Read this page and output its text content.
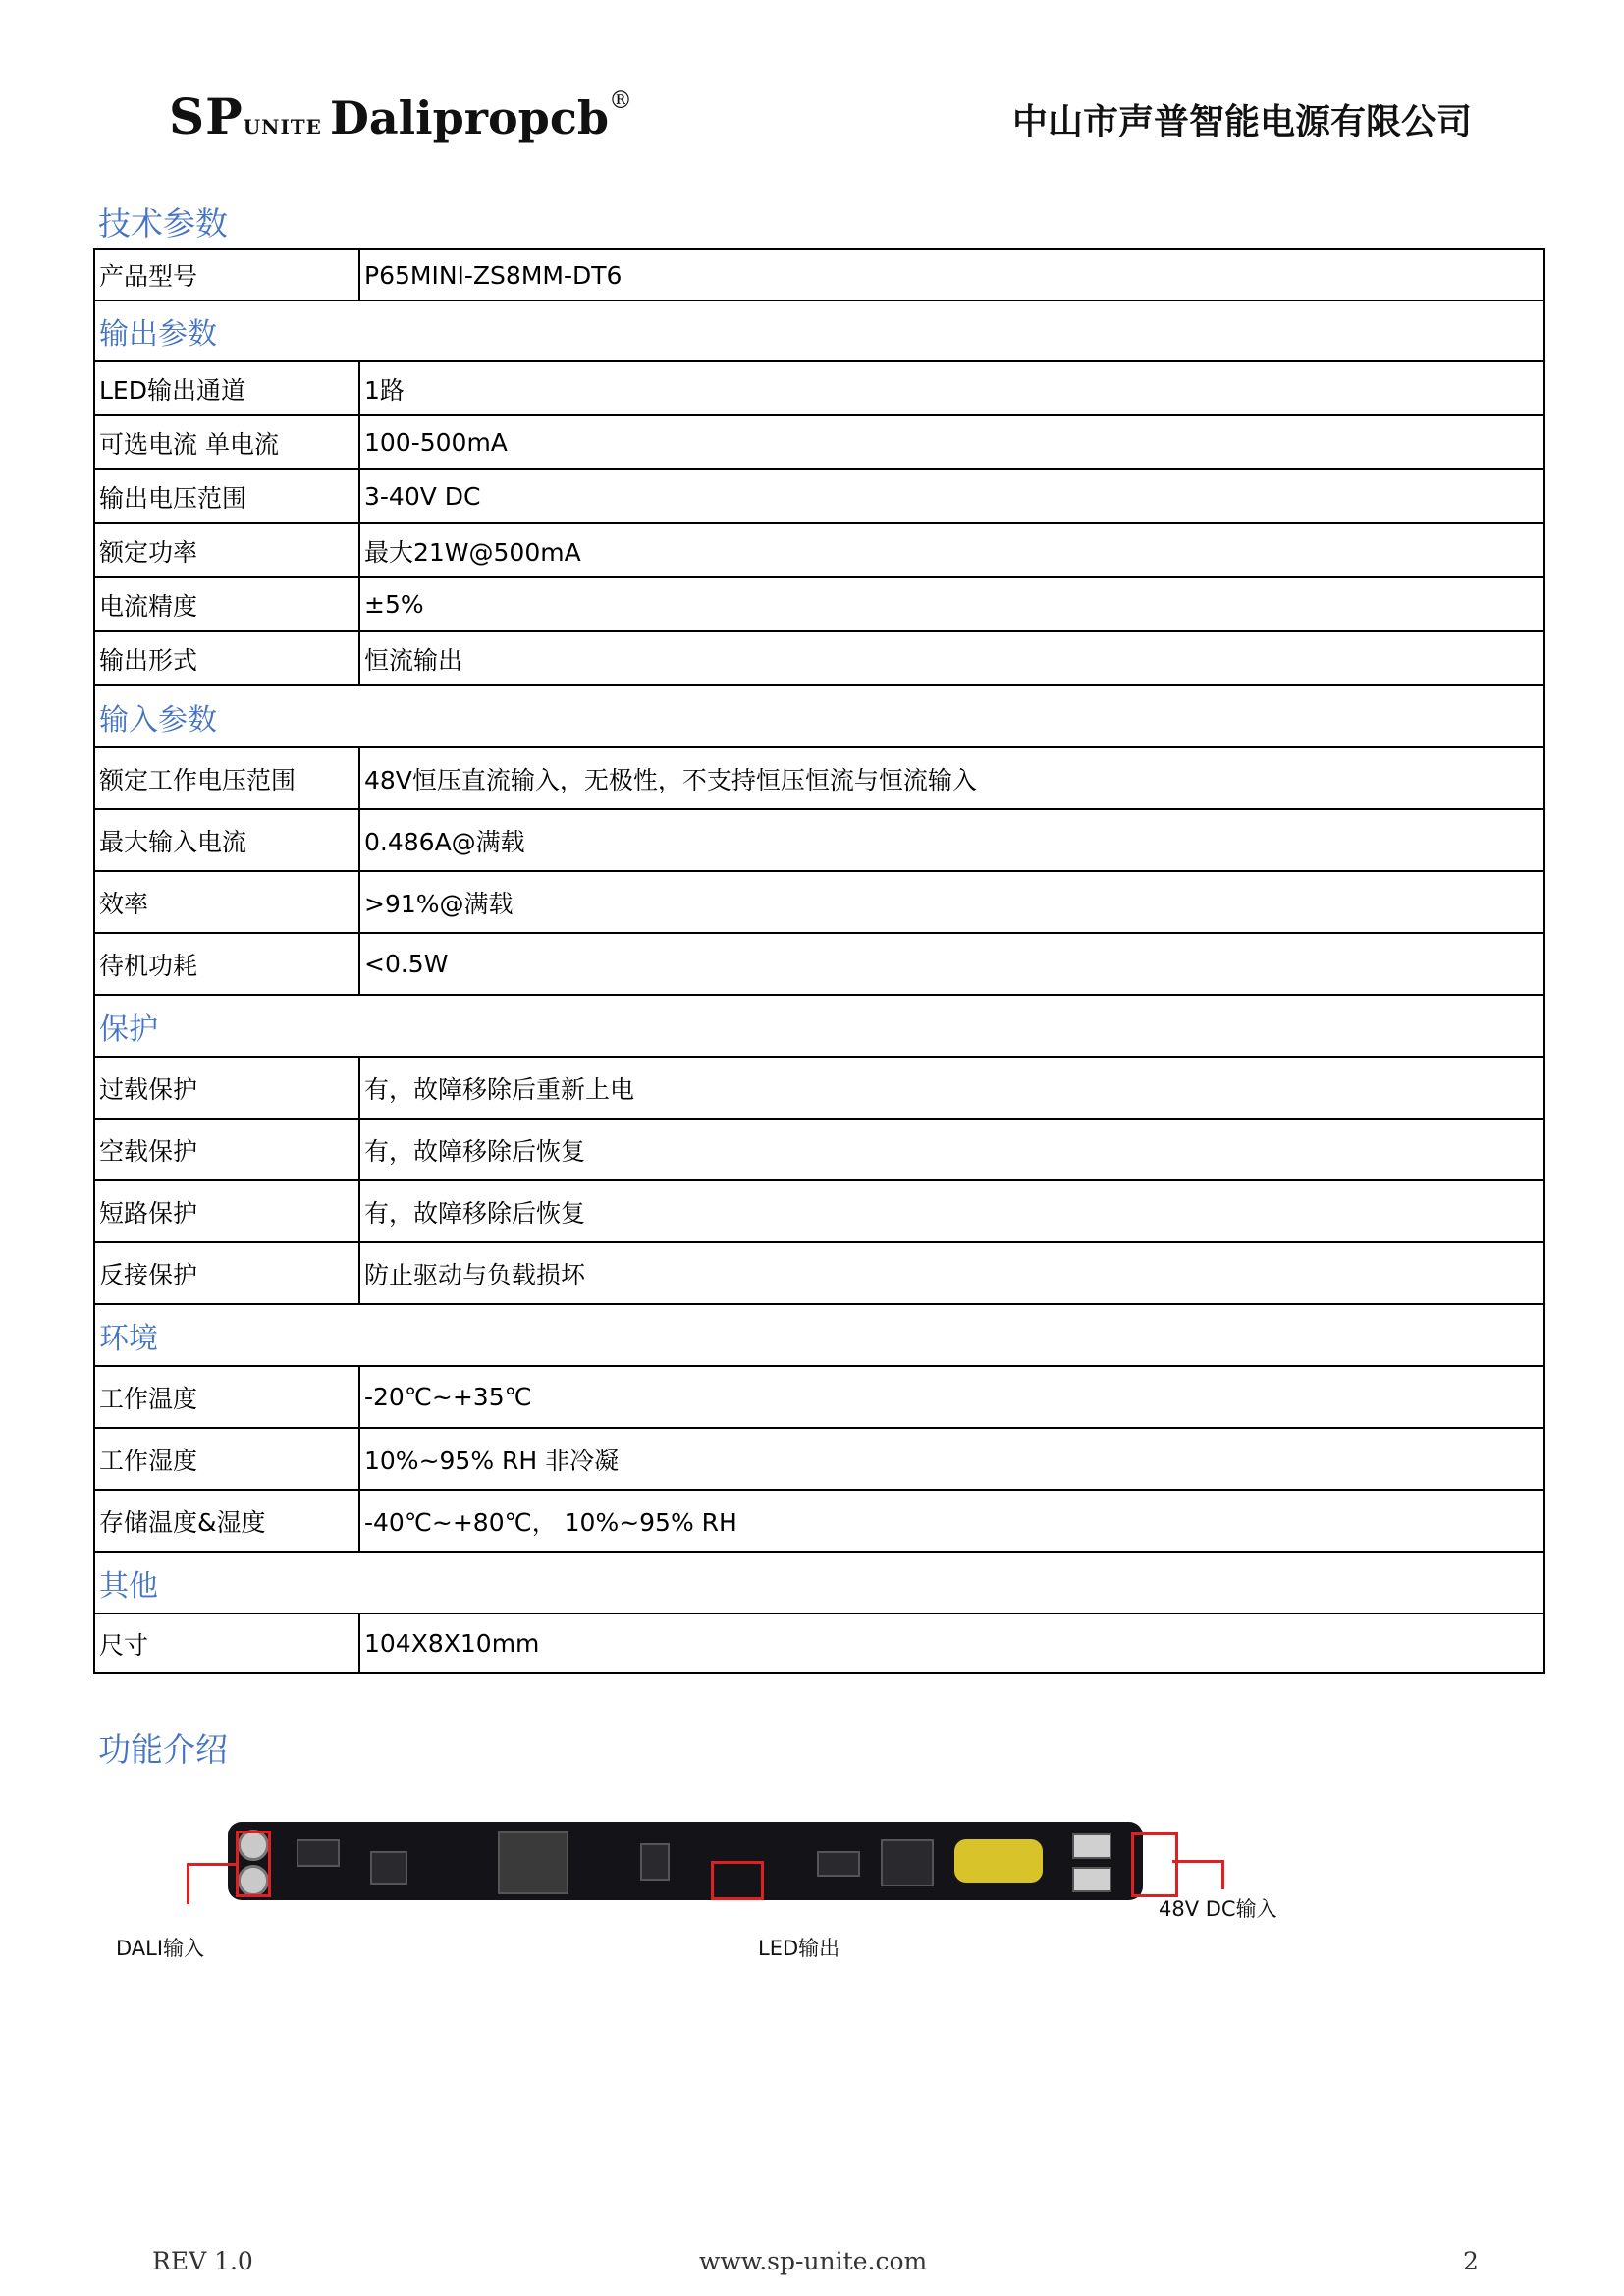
SPUNITE Dalipropcb®
中山市声普智能电源有限公司
技术参数
产品型号	P65MINI-ZS8MM-DT6
输出参数	
LED输出通道	1路
可选电流 单电流	100-500mA
输出电压范围	3-40V DC
额定功率	最大21W@500mA
电流精度	±5%
输出形式	恒流输出
输入参数	
额定工作电压范围	48V恒压直流输入，无极性，不支持恒压恒流与恒流输入
最大输入电流	0.486A@满载
效率	>91%@满载
待机功耗	<0.5W
保护	
过载保护	有，故障移除后重新上电
空载保护	有，故障移除后恢复
短路保护	有，故障移除后恢复
反接保护	防止驱动与负载损坏
环境	
工作温度	-20℃~+35℃
工作湿度	10%~95% RH 非冷凝
存储温度&湿度	-40℃~+80℃， 10%~95% RH
其他	
尺寸	104X8X10mm
功能介绍
DALI输入	LED输出
48V DC输入
REV 1.0	www.sp-unite.com	2
